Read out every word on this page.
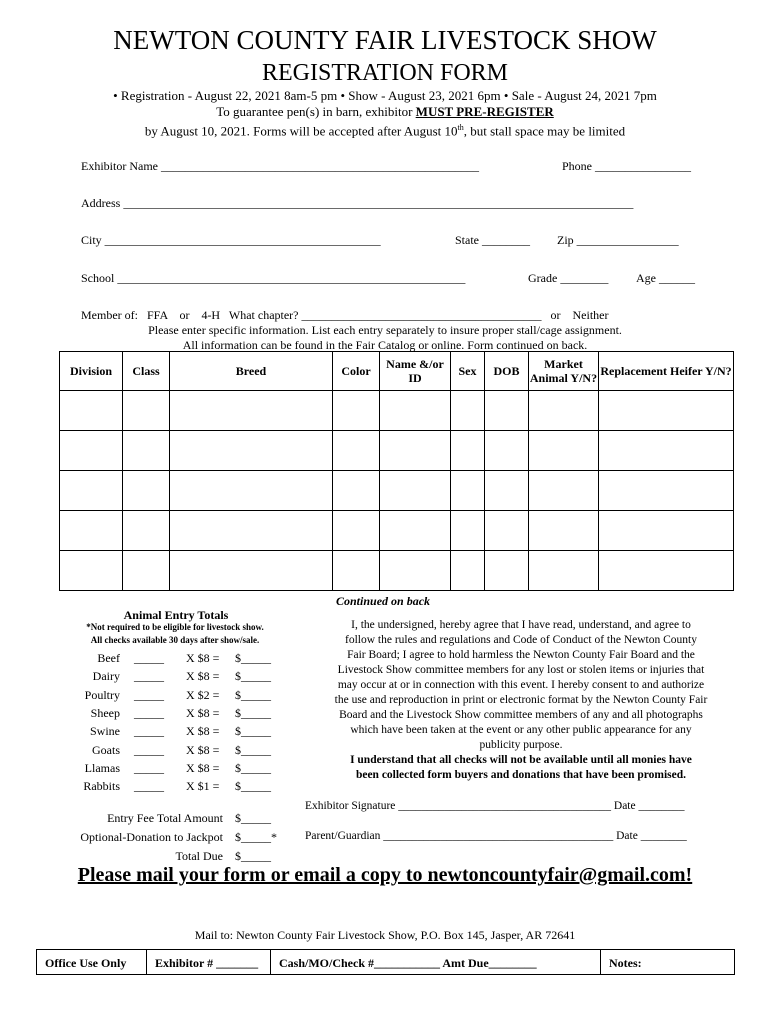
NEWTON COUNTY FAIR LIVESTOCK SHOW
REGISTRATION FORM
• Registration - August 22, 2021 8am-5 pm • Show - August 23, 2021 6pm • Sale - August 24, 2021 7pm
To guarantee pen(s) in barn, exhibitor MUST PRE-REGISTER
by August 10, 2021. Forms will be accepted after August 10th, but stall space may be limited
Exhibitor Name _____________________________________________________	Phone ________________
Address _____________________________________________________________________________________
City ______________________________________________	State ________ Zip _________________
School __________________________________________________________	Grade ________ Age ______
Member of:   FFA    or    4-H   What chapter? ________________________________________   or    Neither
Please enter specific information. List each entry separately to insure proper stall/cage assignment.
All information can be found in the Fair Catalog or online. Form continued on back.
Division	Class	Breed	Color	Name &/or ID	Sex	DOB	Market Animal Y/N?	Replacement Heifer Y/N?

Continued on back
Animal Entry Totals
*Not required to be eligible for livestock show.
All checks available 30 days after show/sale.
Beef _____ X $8 = $_____
Dairy _____ X $8 = $_____
Poultry _____ X $2 = $_____
Sheep _____ X $8 = $_____
Swine _____ X $8 = $_____
Goats _____ X $8 = $_____
Llamas _____ X $8 = $_____
Rabbits _____ X $1 = $_____
Entry Fee Total Amount $_____
Optional-Donation to Jackpot $_____*
Total Due $_____
I, the undersigned, hereby agree that I have read, understand, and agree to
follow the rules and regulations and Code of Conduct of the Newton County
Fair Board; I agree to hold harmless the Newton County Fair Board and the
Livestock Show committee members for any lost or stolen items or injuries that
may occur at or in connection with this event. I hereby consent to and authorize
the use and reproduction in print or electronic format by the Newton County Fair
Board and the Livestock Show committee members of any and all photographs
which have been taken at the event or any other public appearance for any
publicity purpose.
I understand that all checks will not be available until all monies have
been collected form buyers and donations that have been promised.
Exhibitor Signature _____________________________________ Date ________
Parent/Guardian ________________________________________ Date ________
Please mail your form or email a copy to newtoncountyfair@gmail.com!
Mail to: Newton County Fair Livestock Show, P.O. Box 145, Jasper, AR 72641
Office Use Only	Exhibitor # _______	Cash/MO/Check #___________ Amt Due________	Notes:
